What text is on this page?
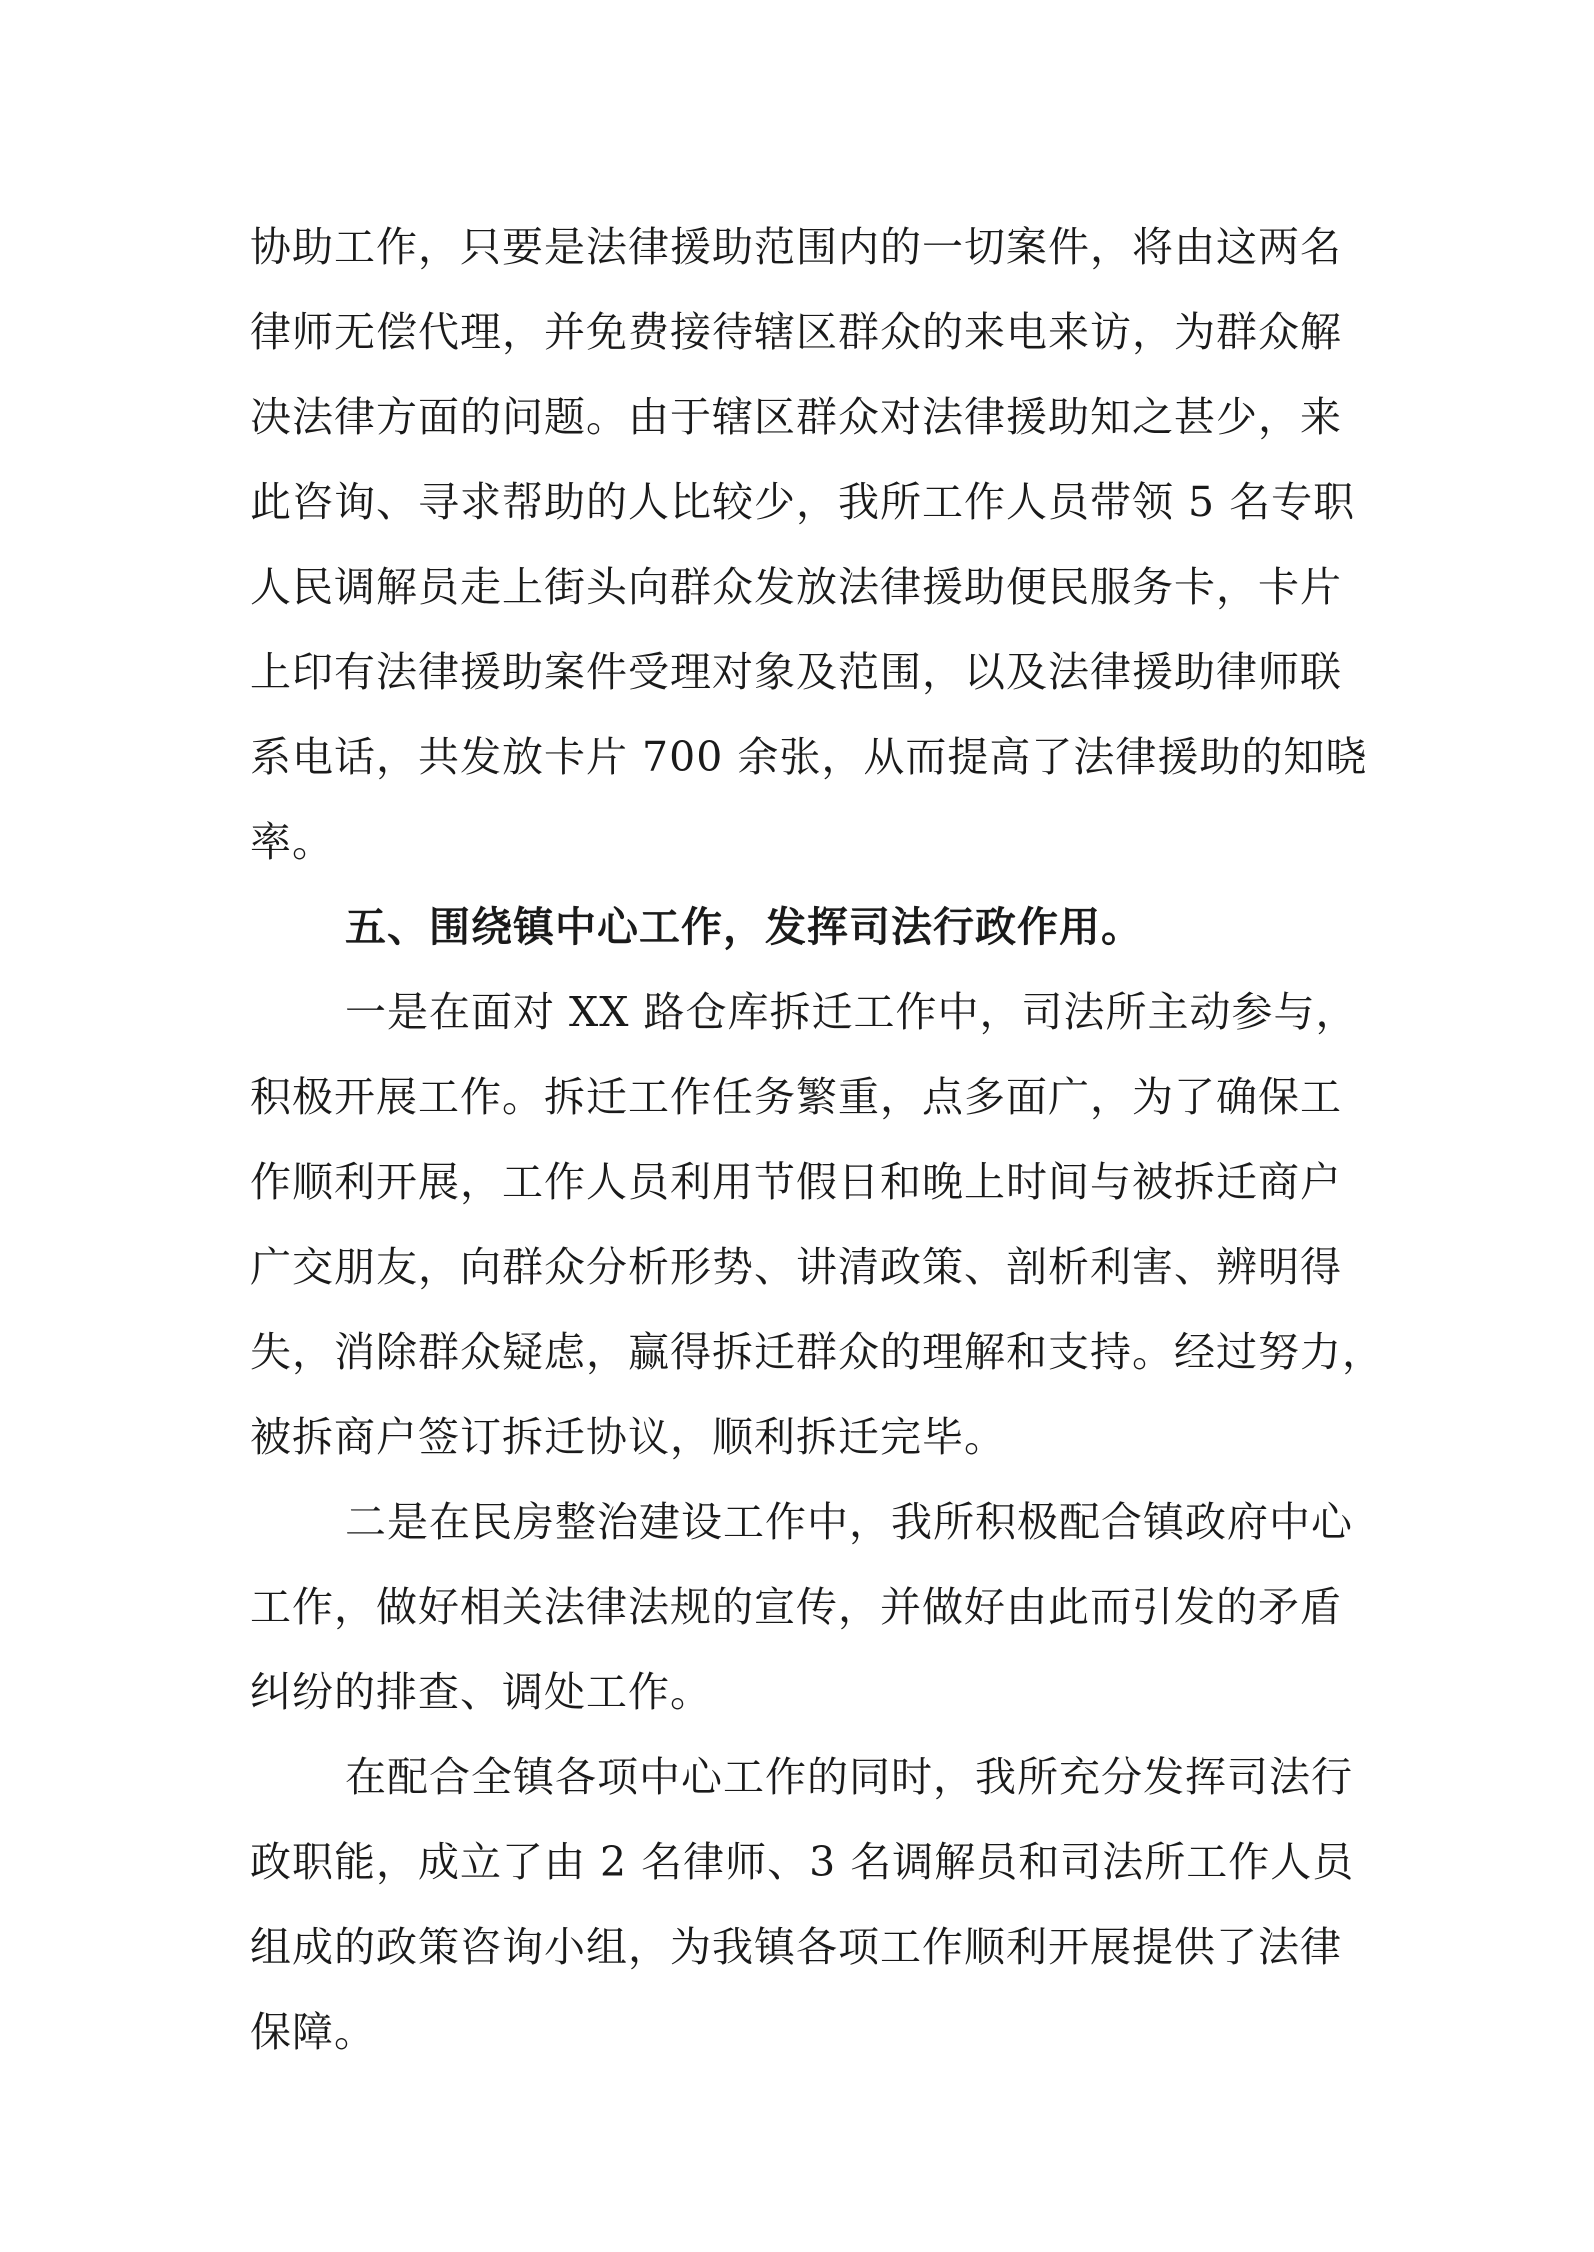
协助工作，只要是法律援助范围内的一切案件，将由这两名
律师无偿代理，并免费接待辖区群众的来电来访，为群众解
决法律方面的问题。由于辖区群众对法律援助知之甚少，来
此咨询、寻求帮助的人比较少，我所工作人员带领 5 名专职
人民调解员走上街头向群众发放法律援助便民服务卡，卡片
上印有法律援助案件受理对象及范围，以及法律援助律师联
系电话，共发放卡片 700 余张，从而提高了法律援助的知晓
率。
五、围绕镇中心工作，发挥司法行政作用。
一是在面对 XX 路仓库拆迁工作中，司法所主动参与，
积极开展工作。拆迁工作任务繁重，点多面广，为了确保工
作顺利开展，工作人员利用节假日和晚上时间与被拆迁商户
广交朋友，向群众分析形势、讲清政策、剖析利害、辨明得
失，消除群众疑虑，赢得拆迁群众的理解和支持。经过努力，
被拆商户签订拆迁协议，顺利拆迁完毕。
二是在民房整治建设工作中，我所积极配合镇政府中心
工作，做好相关法律法规的宣传，并做好由此而引发的矛盾
纠纷的排查、调处工作。
在配合全镇各项中心工作的同时，我所充分发挥司法行
政职能，成立了由 2 名律师、3 名调解员和司法所工作人员
组成的政策咨询小组，为我镇各项工作顺利开展提供了法律
保障。
